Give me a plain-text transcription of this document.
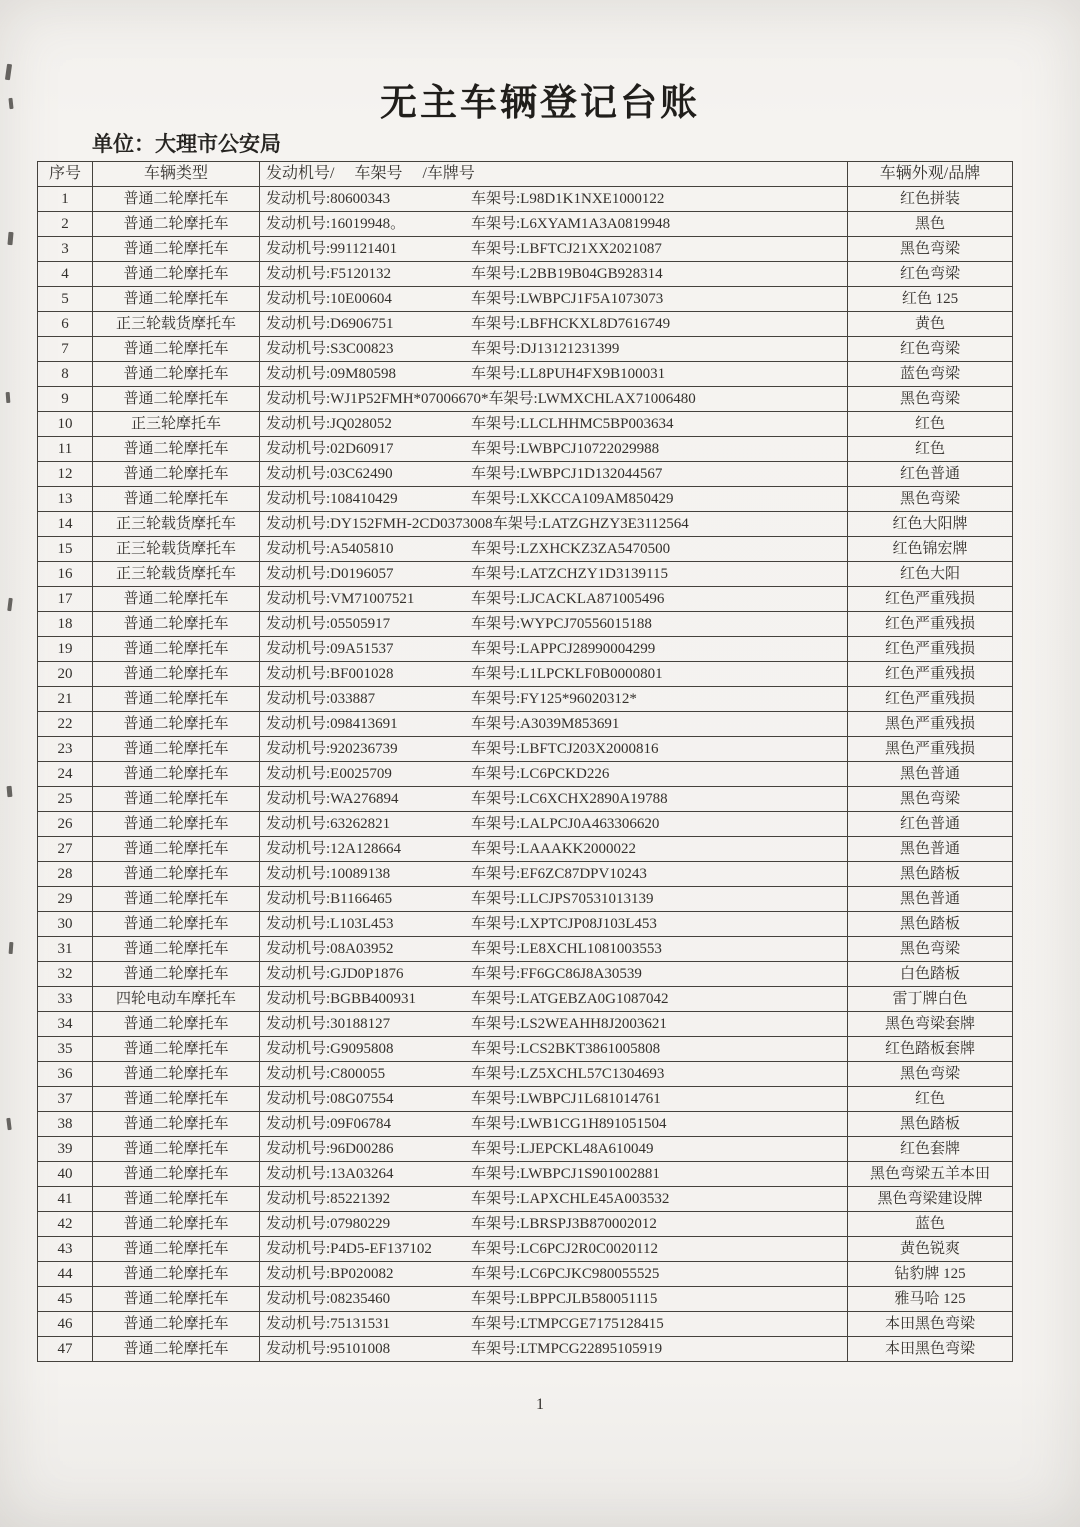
无主车辆登记台账
单位：大理市公安局
序号	车辆类型	发动机号/　 车架号　 /车牌号	车辆外观/品牌
1	普通二轮摩托车	发动机号:80600343 车架号:L98D1K1NXE1000122	红色拼装
2	普通二轮摩托车	发动机号:16019948。 车架号:L6XYAM1A3A0819948	黑色
3	普通二轮摩托车	发动机号:991121401 车架号:LBFTCJ21XX2021087	黑色弯梁
4	普通二轮摩托车	发动机号:F5120132 车架号:L2BB19B04GB928314	红色弯梁
5	普通二轮摩托车	发动机号:10E00604 车架号:LWBPCJ1F5A1073073	红色 125
6	正三轮载货摩托车	发动机号:D6906751 车架号:LBFHCKXL8D7616749	黄色
7	普通二轮摩托车	发动机号:S3C00823 车架号:DJ13121231399	红色弯梁
8	普通二轮摩托车	发动机号:09M80598 车架号:LL8PUH4FX9B100031	蓝色弯梁
9	普通二轮摩托车	发动机号:WJ1P52FMH*07006670*车架号:LWMXCHLAX71006480	黑色弯梁
10	正三轮摩托车	发动机号:JQ028052 车架号:LLCLHHMC5BP003634	红色
11	普通二轮摩托车	发动机号:02D60917 车架号:LWBPCJ10722029988	红色
12	普通二轮摩托车	发动机号:03C62490 车架号:LWBPCJ1D132044567	红色普通
13	普通二轮摩托车	发动机号:108410429 车架号:LXKCCA109AM850429	黑色弯梁
14	正三轮载货摩托车	发动机号:DY152FMH-2CD0373008车架号:LATZGHZY3E3112564	红色大阳牌
15	正三轮载货摩托车	发动机号:A5405810 车架号:LZXHCKZ3ZA5470500	红色锦宏牌
16	正三轮载货摩托车	发动机号:D0196057 车架号:LATZCHZY1D3139115	红色大阳
17	普通二轮摩托车	发动机号:VM71007521 车架号:LJCACKLA871005496	红色严重残损
18	普通二轮摩托车	发动机号:05505917 车架号:WYPCJ70556015188	红色严重残损
19	普通二轮摩托车	发动机号:09A51537 车架号:LAPPCJ28990004299	红色严重残损
20	普通二轮摩托车	发动机号:BF001028 车架号:L1LPCKLF0B0000801	红色严重残损
21	普通二轮摩托车	发动机号:033887 车架号:FY125*96020312*	红色严重残损
22	普通二轮摩托车	发动机号:098413691 车架号:A3039M853691	黑色严重残损
23	普通二轮摩托车	发动机号:920236739 车架号:LBFTCJ203X2000816	黑色严重残损
24	普通二轮摩托车	发动机号:E0025709 车架号:LC6PCKD226	黑色普通
25	普通二轮摩托车	发动机号:WA276894 车架号:LC6XCHX2890A19788	黑色弯梁
26	普通二轮摩托车	发动机号:63262821 车架号:LALPCJ0A463306620	红色普通
27	普通二轮摩托车	发动机号:12A128664 车架号:LAAAKK2000022	黑色普通
28	普通二轮摩托车	发动机号:10089138 车架号:EF6ZC87DPV10243	黑色踏板
29	普通二轮摩托车	发动机号:B1166465 车架号:LLCJPS70531013139	黑色普通
30	普通二轮摩托车	发动机号:L103L453 车架号:LXPTCJP08J103L453	黑色踏板
31	普通二轮摩托车	发动机号:08A03952 车架号:LE8XCHL1081003553	黑色弯梁
32	普通二轮摩托车	发动机号:GJD0P1876 车架号:FF6GC86J8A30539	白色踏板
33	四轮电动车摩托车	发动机号:BGBB400931 车架号:LATGEBZA0G1087042	雷丁牌白色
34	普通二轮摩托车	发动机号:30188127 车架号:LS2WEAHH8J2003621	黑色弯梁套牌
35	普通二轮摩托车	发动机号:G9095808 车架号:LCS2BKT3861005808	红色踏板套牌
36	普通二轮摩托车	发动机号:C800055 车架号:LZ5XCHL57C1304693	黑色弯梁
37	普通二轮摩托车	发动机号:08G07554 车架号:LWBPCJ1L681014761	红色
38	普通二轮摩托车	发动机号:09F06784 车架号:LWB1CG1H891051504	黑色踏板
39	普通二轮摩托车	发动机号:96D00286 车架号:LJEPCKL48A610049	红色套牌
40	普通二轮摩托车	发动机号:13A03264 车架号:LWBPCJ1S901002881	黑色弯梁五羊本田
41	普通二轮摩托车	发动机号:85221392 车架号:LAPXCHLE45A003532	黑色弯梁建设牌
42	普通二轮摩托车	发动机号:07980229 车架号:LBRSPJ3B870002012	蓝色
43	普通二轮摩托车	发动机号:P4D5-EF137102 车架号:LC6PCJ2R0C0020112	黄色锐爽
44	普通二轮摩托车	发动机号:BP020082 车架号:LC6PCJKC980055525	钻豹牌 125
45	普通二轮摩托车	发动机号:08235460 车架号:LBPPCJLB580051115	雅马哈 125
46	普通二轮摩托车	发动机号:75131531 车架号:LTMPCGE7175128415	本田黑色弯梁
47	普通二轮摩托车	发动机号:95101008 车架号:LTMPCG22895105919	本田黑色弯梁
1
